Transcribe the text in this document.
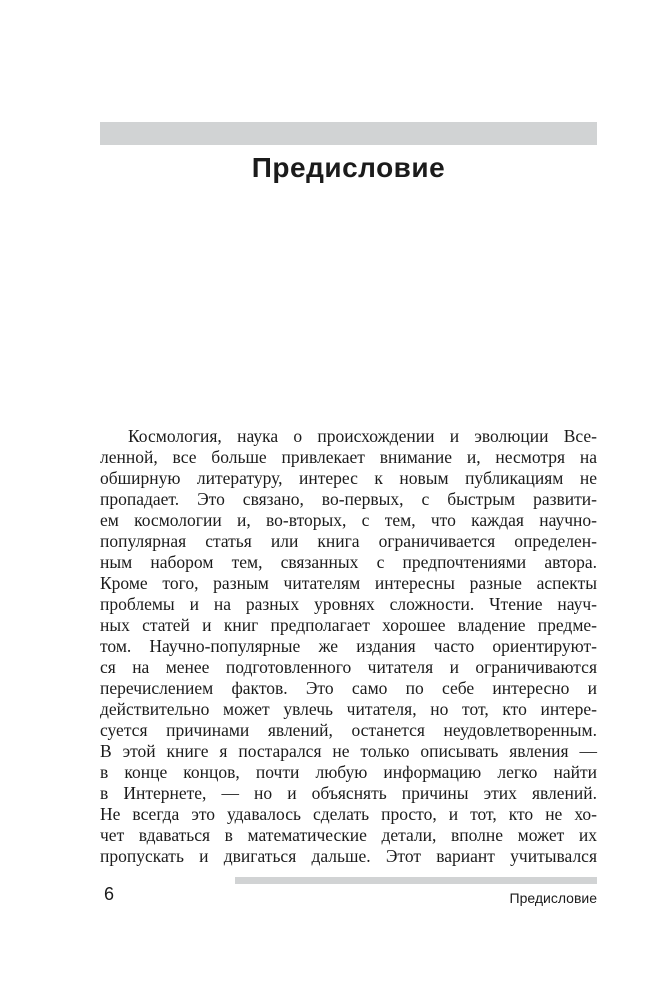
Предисловие
Космология, наука о происхождении и эволюции Все-
ленной, все больше привлекает внимание и, несмотря на
обширную литературу, интерес к новым публикациям не
пропадает. Это связано, во-первых, с быстрым развити-
ем космологии и, во-вторых, с тем, что каждая научно-
популярная статья или книга ограничивается определен-
ным набором тем, связанных с предпочтениями автора.
Кроме того, разным читателям интересны разные аспекты
проблемы и на разных уровнях сложности. Чтение науч-
ных статей и книг предполагает хорошее владение предме-
том. Научно-популярные же издания часто ориентируют-
ся на менее подготовленного читателя и ограничиваются
перечислением фактов. Это само по себе интересно и
действительно может увлечь читателя, но тот, кто интере-
суется причинами явлений, останется неудовлетворенным.
В этой книге я постарался не только описывать явления —
в конце концов, почти любую информацию легко найти
в Интернете, — но и объяснять причины этих явлений.
Не всегда это удавалось сделать просто, и тот, кто не хо-
чет вдаваться в математические детали, вполне может их
пропускать и двигаться дальше. Этот вариант учитывался
6	Предисловие
